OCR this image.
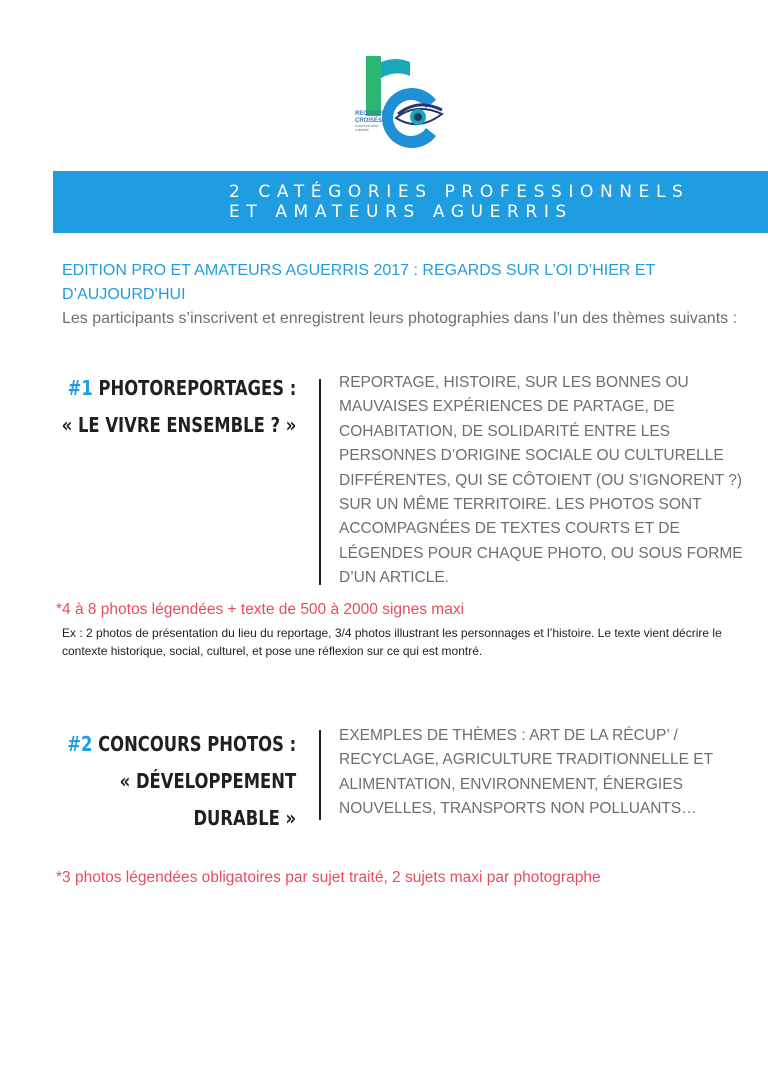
REGARDS
CROISÉS
communication
solidarité
2 CATÉGORIES PROFESSIONNELS
ET AMATEURS AGUERRIS
EDITION PRO ET AMATEURS AGUERRIS 2017 : REGARDS SUR L’OI D’HIER ET D’AUJOURD’HUI
Les participants s’inscrivent et enregistrent leurs photographies dans l’un des thèmes suivants :
#1 PHOTOREPORTAGES :
« LE VIVRE ENSEMBLE ? »
REPORTAGE, HISTOIRE, SUR LES BONNES OU MAUVAISES EXPÉRIENCES DE PARTAGE, DE COHABITATION, DE SOLIDARITÉ ENTRE LES PERSONNES D’ORIGINE SOCIALE OU CULTURELLE DIFFÉRENTES, QUI SE CÔTOIENT (OU S’IGNORENT ?) SUR UN MÊME TERRITOIRE. LES PHOTOS SONT ACCOMPAGNÉES DE TEXTES COURTS ET DE LÉGENDES POUR CHAQUE PHOTO, OU SOUS FORME D’UN ARTICLE.
*4 à 8 photos légendées + texte de 500 à 2000 signes maxi
Ex : 2 photos de présentation du lieu du reportage, 3/4 photos illustrant les personnages et l’histoire. Le texte vient décrire le contexte historique, social, culturel, et pose une réflexion sur ce qui est montré.
#2 CONCOURS PHOTOS :
« DÉVELOPPEMENT
DURABLE »
EXEMPLES DE THÈMES : ART DE LA RÉCUP’ / RECYCLAGE, AGRICULTURE TRADITIONNELLE ET ALIMENTATION, ENVIRONNEMENT, ÉNERGIES NOUVELLES, TRANSPORTS NON POLLUANTS…
*3 photos légendées obligatoires par sujet traité, 2 sujets maxi par photographe
